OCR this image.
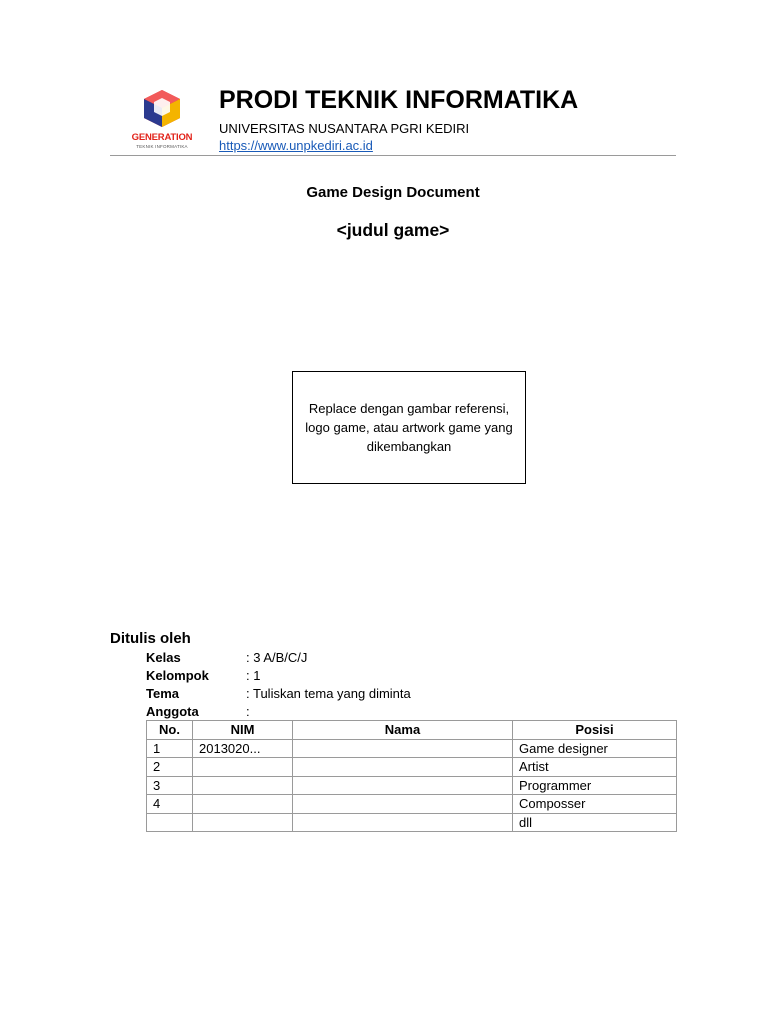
GENERATION
TEKNIK INFORMATIKA
PRODI TEKNIK INFORMATIKA
UNIVERSITAS NUSANTARA PGRI KEDIRI
https://www.unpkediri.ac.id
Game Design Document
<judul game>
Replace dengan gambar referensi, logo game, atau artwork game yang dikembangkan
Ditulis oleh
Kelas	: 3 A/B/C/J
Kelompok	: 1
Tema	: Tuliskan tema yang diminta
Anggota	:
No.	NIM	Nama	Posisi
1	2013020...		Game designer
2			Artist
3			Programmer
4			Composser
			dll
